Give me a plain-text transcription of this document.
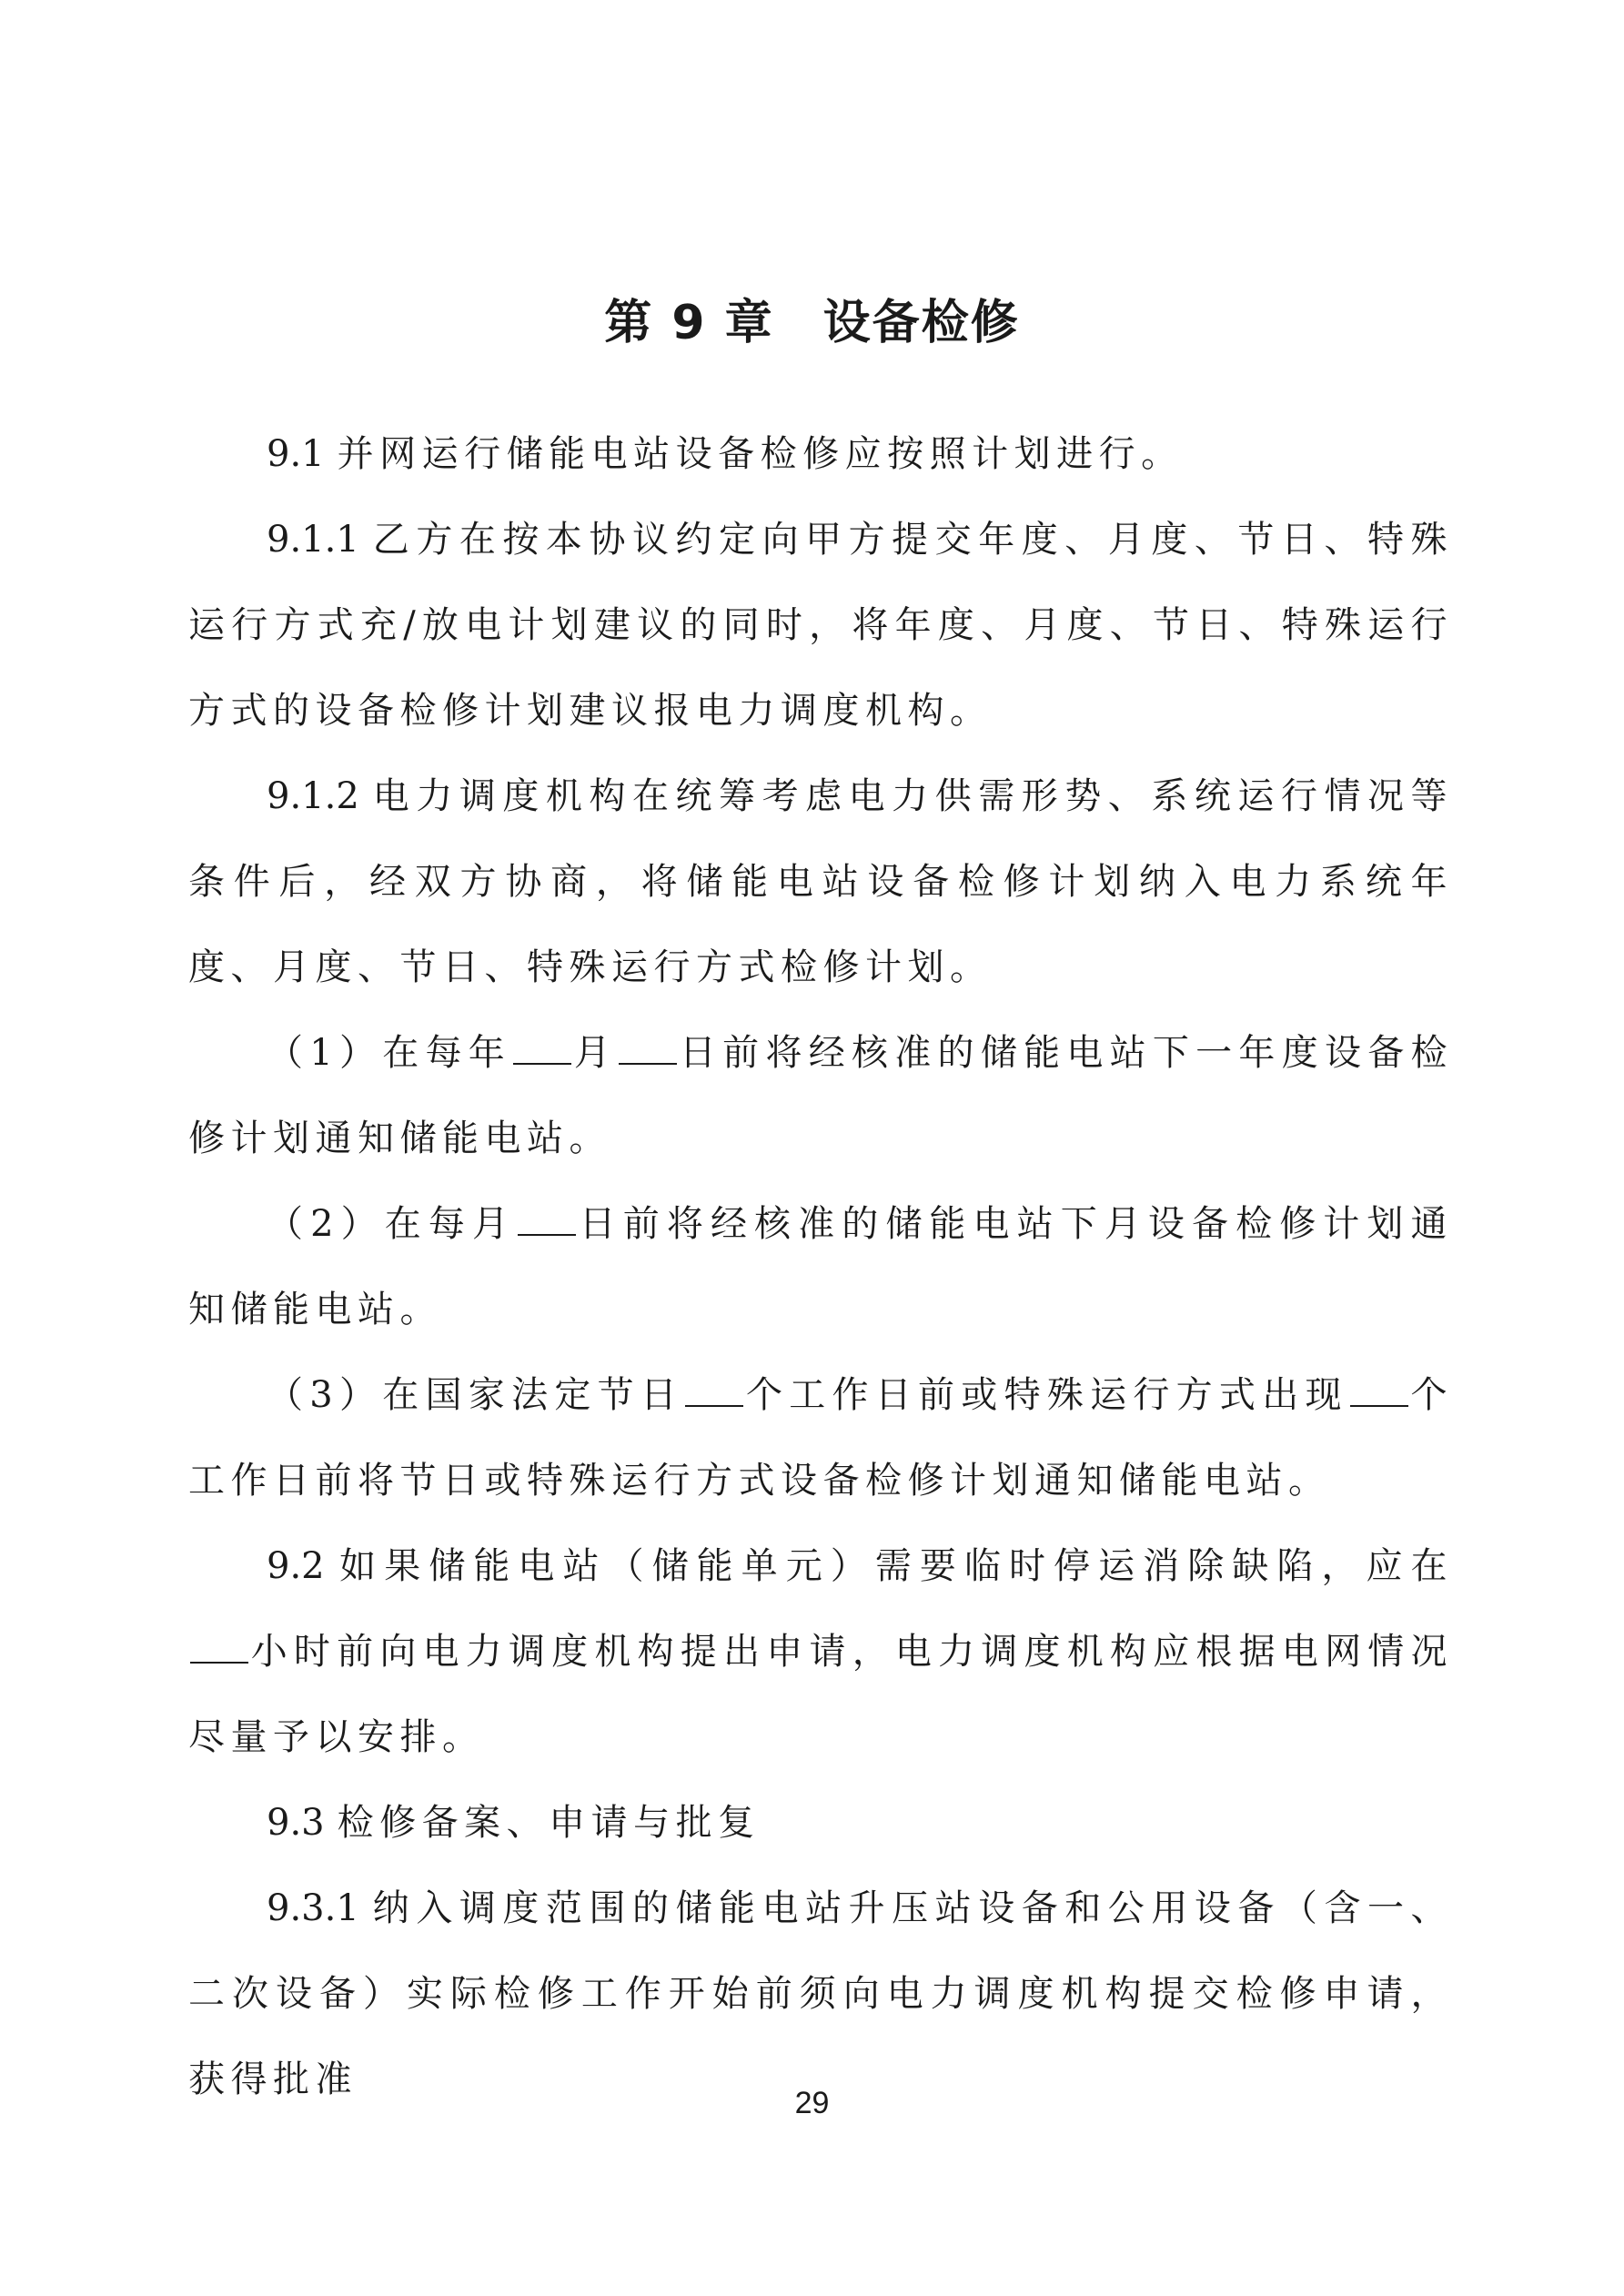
第 9 章　设备检修

9.1 并网运行储能电站设备检修应按照计划进行。

9.1.1 乙方在按本协议约定向甲方提交年度、月度、节日、特殊运行方式充/放电计划建议的同时，将年度、月度、节日、特殊运行方式的设备检修计划建议报电力调度机构。

9.1.2 电力调度机构在统筹考虑电力供需形势、系统运行情况等条件后，经双方协商，将储能电站设备检修计划纳入电力系统年度、月度、节日、特殊运行方式检修计划。

（1）在每年 月 日前将经核准的储能电站下一年度设备检修计划通知储能电站。

（2）在每月 日前将经核准的储能电站下月设备检修计划通知储能电站。

（3）在国家法定节日 个工作日前或特殊运行方式出现 个工作日前将节日或特殊运行方式设备检修计划通知储能电站。

9.2 如果储能电站（储能单元）需要临时停运消除缺陷，应在小时前向电力调度机构提出申请，电力调度机构应根据电网情况尽量予以安排。

9.3 检修备案、申请与批复

9.3.1 纳入调度范围的储能电站升压站设备和公用设备（含一、二次设备）实际检修工作开始前须向电力调度机构提交检修申请，获得批准

29
